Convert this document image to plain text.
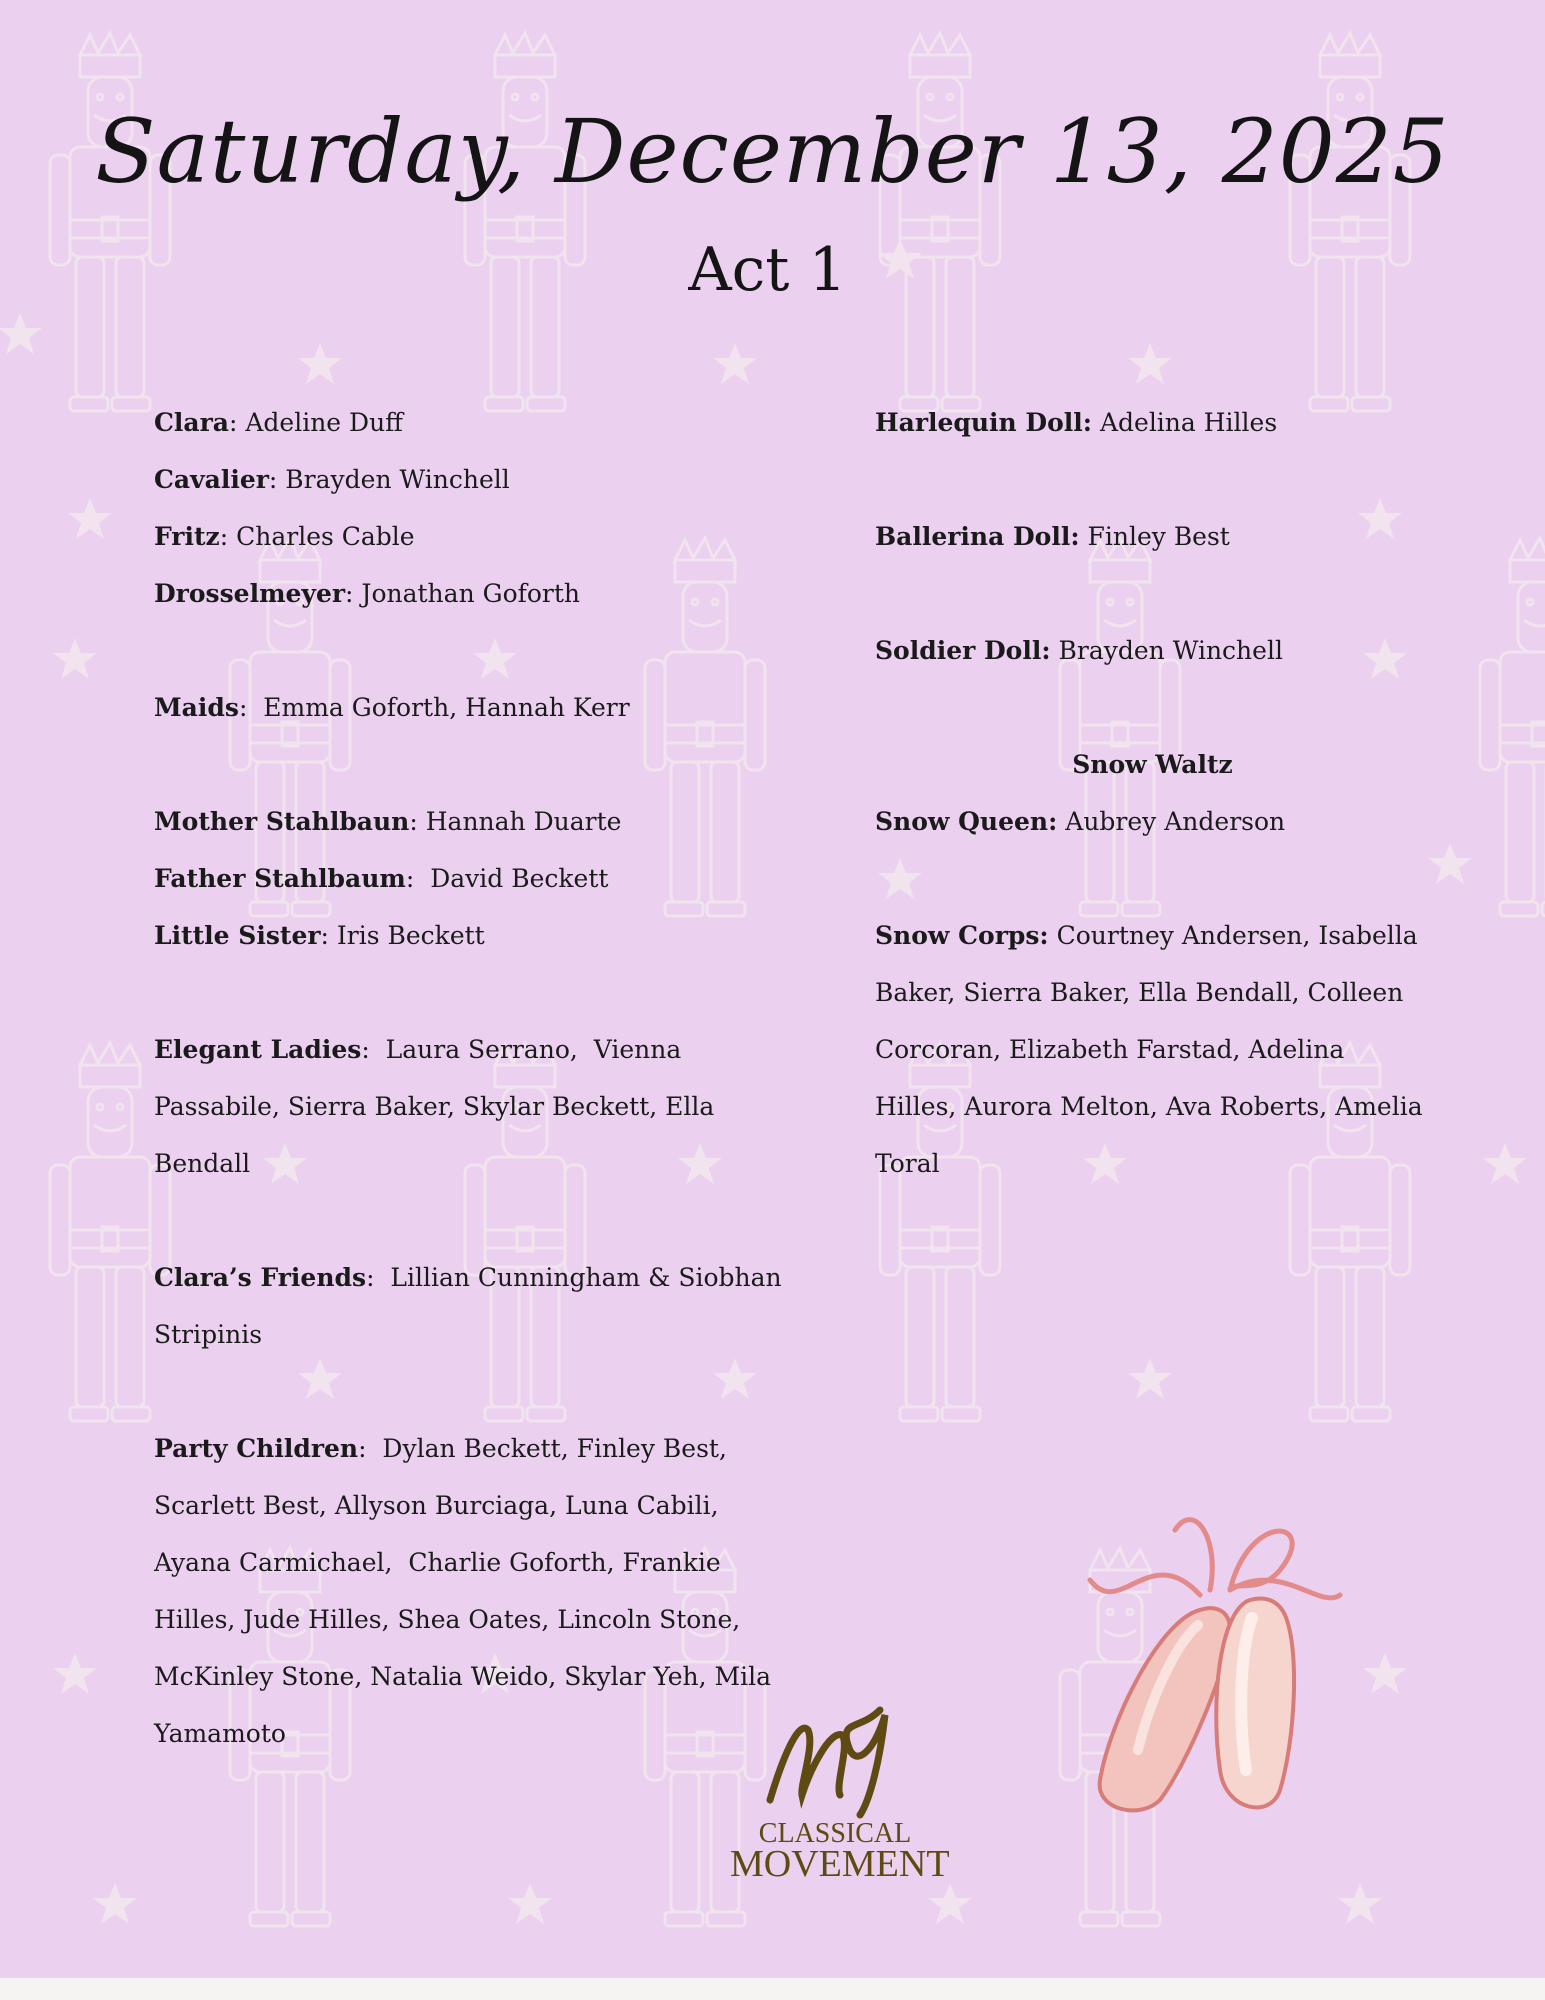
Saturday, December 13, 2025
Act 1

Clara: Adeline Duff

Cavalier: Brayden Winchell

Fritz: Charles Cable

Drosselmeyer: Jonathan Goforth

Maids:  Emma Goforth, Hannah Kerr

Mother Stahlbaun: Hannah Duarte

Father Stahlbaum:  David Beckett

Little Sister: Iris Beckett

Elegant Ladies:  Laura Serrano,  Vienna Passabile, Sierra Baker, Skylar Beckett, Ella Bendall

Clara’s Friends:  Lillian Cunningham & Siobhan Stripinis

Party Children:  Dylan Beckett, Finley Best, Scarlett Best, Allyson Burciaga, Luna Cabili, Ayana Carmichael,  Charlie Goforth, Frankie Hilles, Jude Hilles, Shea Oates, Lincoln Stone, McKinley Stone, Natalia Weido, Skylar Yeh, Mila Yamamoto

Harlequin Doll: Adelina Hilles

Ballerina Doll: Finley Best

Soldier Doll: Brayden Winchell

Snow Waltz

Snow Queen: Aubrey Anderson

Snow Corps: Courtney Andersen, Isabella Baker, Sierra Baker, Ella Bendall, Colleen Corcoran, Elizabeth Farstad, Adelina Hilles, Aurora Melton, Ava Roberts, Amelia Toral

CLASSICAL
MOVEMENT
